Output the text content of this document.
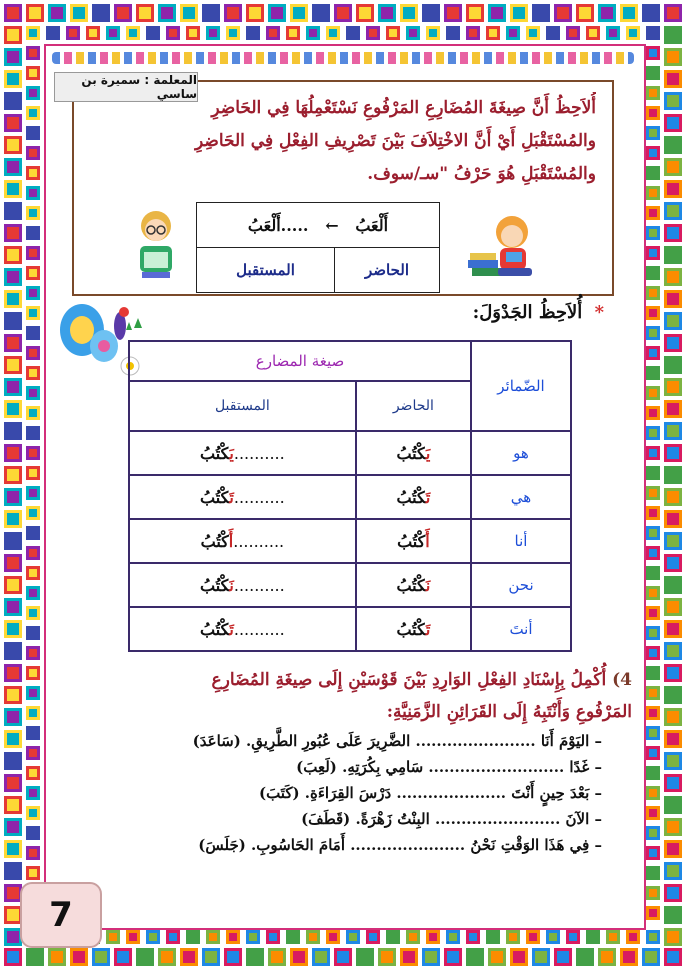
المعلمة : سميرة بن ساسي
أُلاَحِظُ أَنَّ صِيغَةَ المُضَارِعِ المَرْفُوعِ نَسْتَعْمِلُهَا فِي الحَاضِرِ
والمُسْتَقْبَلِ أَيْ أَنَّ الاخْتِلاَفَ بَيْنَ تَصْرِيفِ الفِعْلِ فِي الحَاضِرِ
والمُسْتَقْبَلِ هُوَ حَرْفُ "سـ/سوف.
أَلْعَبُ   ←   .....أَلْعَبُ
الحاضر	المستقبل
* أُلاَحِظُ الجَدْوَلَ:
الضّمائر	صيغة المضارع	
	الحاضر	المستقبل
هو	يَكْتُبُ	..........يَكْتُبُ
هي	تَكْتُبُ	..........تَكْتُبُ
أنا	أَكْتُبُ	..........أَكْتُبُ
نحن	نَكْتُبُ	..........نَكْتُبُ
أنتَ	تَكْتُبُ	..........تَكْتُبُ
4) أُكْمِلُ بِإِسْنَادِ الفِعْلِ الوَارِدِ بَيْنَ قَوْسَيْنِ إِلَى صِيغَةِ المُضَارِعِ
المَرْفُوعِ وَأَنْتَبِهُ إِلَى القَرَائِنِ الزَّمَنِيَّةِ:
– اليَوْمَ أَنَا ....................... الضَّرِيرَ عَلَى عُبُورِ الطَّرِيقِ. (سَاعَدَ)
– غَدًا .......................... سَامِي بِكُرَتِهِ. (لَعِبَ)
– بَعْدَ حِينٍ أَنْتَ ..................... دَرْسَ القِرَاءَةِ. (كَتَبَ)
– الآنَ ........................ البِنْتُ زَهْرَةً. (قَطَفَ)
– فِي هَذَا الوَقْتِ نَحْنُ ...................... أَمَامَ الحَاسُوبِ. (جَلَسَ)
7
